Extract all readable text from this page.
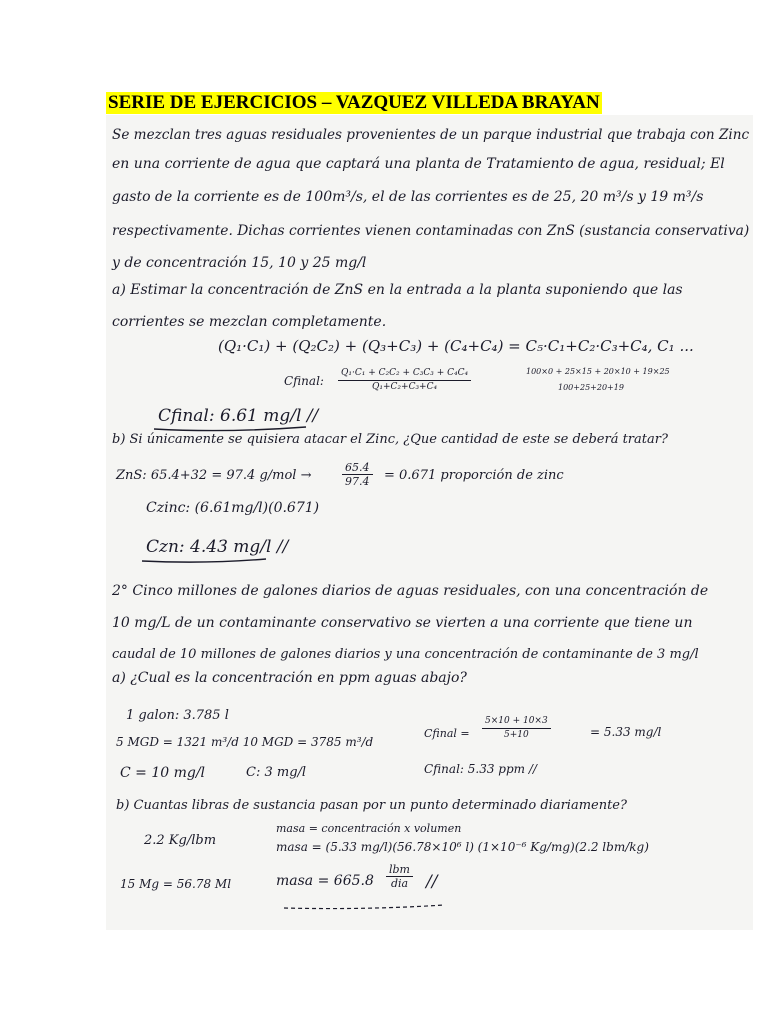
SERIE DE EJERCICIOS – VAZQUEZ VILLEDA BRAYAN
Se mezclan tres aguas residuales provenientes de un parque industrial que trabaja con Zinc
en una corriente de agua que captará una planta de Tratamiento de agua, residual; El
gasto de la corriente es de 100m³/s, el de las corrientes es de 25, 20 m³/s y 19 m³/s
respectivamente. Dichas corrientes vienen contaminadas con ZnS (sustancia conservativa)
y de concentración 15, 10 y 25 mg/l
a) Estimar la concentración de ZnS en la entrada a la planta suponiendo que las
corrientes se mezclan completamente.
(Q₁·C₁) + (Q₂C₂) + (Q₃+C₃) + (C₄+C₄) = C₅·C₁+C₂·C₃+C₄, C₁ ...
Cfinal: $\frac{\text{Q₁·C₁ + C₂C₂ + C₃C₃ + C₄C₄}}{\text{Q₁+C₂+C₃+C₄}}$	100×0 + 25×15 + 20×10 + 19×25
100+25+20+19
Cfinal: 6.61 mg/l //
b) Si únicamente se quisiera atacar el Zinc, ¿Que cantidad de este se deberá tratar?
ZnS: 65.4+32 = 97.4 g/mol →	$\frac{65.4}{97.4} = 0.671$ proporción de zinc
Czinc: (6.61mg/l)(0.671)
Czn: 4.43 mg/l //
2° Cinco millones de galones diarios de aguas residuales, con una concentración de
10 mg/L de un contaminante conservativo se vierten a una corriente que tiene un
caudal de 10 millones de galones diarios y una concentración de contaminante de 3 mg/l
a) ¿Cual es la concentración en ppm aguas abajo?
1 galon: 3.785 l
5 MGD = 1321 m³/d 10 MGD = 3785 m³/d
C = 10 mg/l	C: 3 mg/l
Cfinal = $\frac{5\times 10 + 10\times 3}{5+10}$	= 5.33 mg/l
Cfinal: 5.33 ppm //
b) Cuantas libras de sustancia pasan por un punto determinado diariamente?
2.2 Kg/lbm
masa = concentración x volumen
masa = (5.33 mg/l)(56.78×10⁶ l) (1×10⁻⁶ Kg/mg)(2.2 lbm/kg)
15 Mg = 56.78 Ml	masa = 665.8
lbm
dia //
